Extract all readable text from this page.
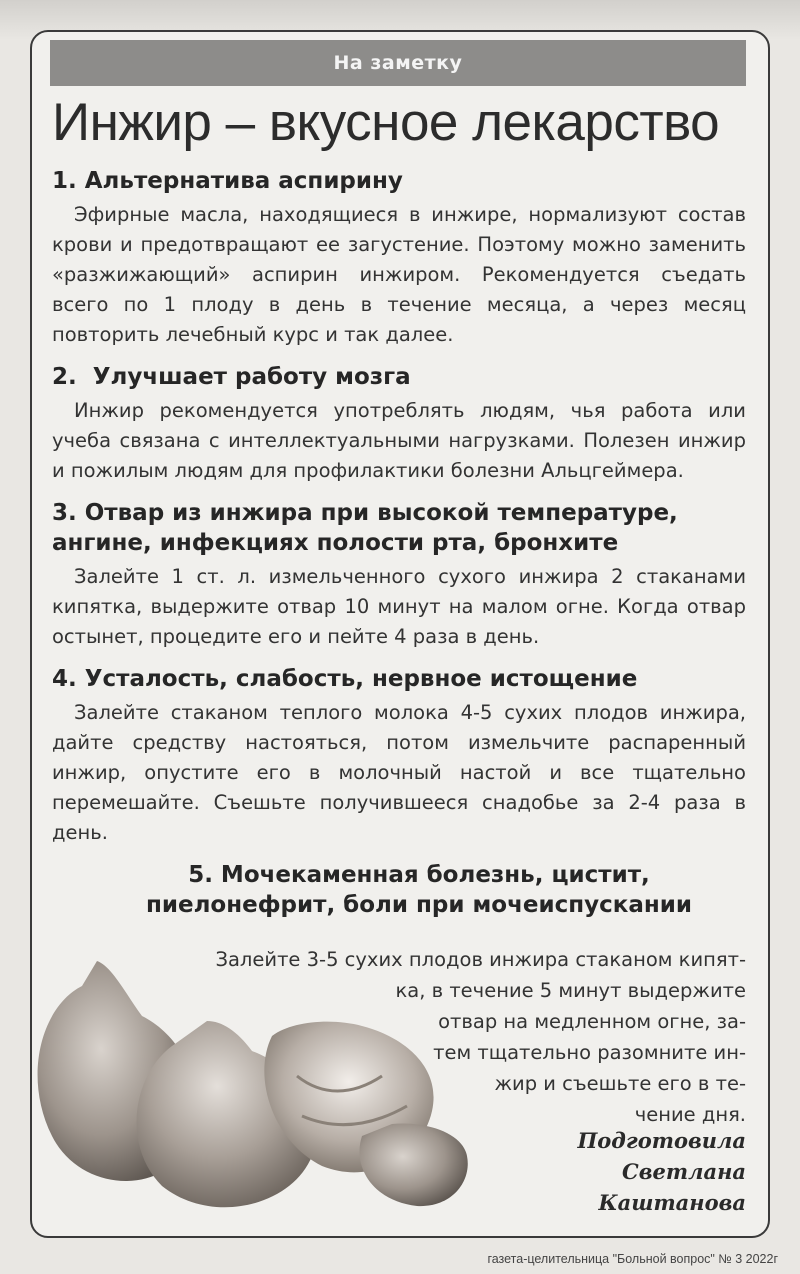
На заметку
Инжир – вкусное лекарство
1. Альтернатива аспирину

Эфирные масла, находящиеся в инжире, нормализуют состав крови и предотвращают ее загустение. Поэтому можно заменить «разжижающий» аспирин инжиром. Рекомендуется съедать всего по 1 плоду в день в течение месяца, а через месяц повторить лечебный курс и так далее.

2.  Улучшает работу мозга

Инжир рекомендуется употреблять людям, чья работа или учеба связана с интеллектуальными нагрузками. Полезен инжир и пожилым людям для профилактики болезни Альцгеймера.

3. Отвар из инжира при высокой температуре, ангине, инфекциях полости рта, бронхите

Залейте 1 ст. л. измельченного сухого инжира 2 стаканами кипятка, выдержите отвар 10 минут на малом огне. Когда отвар остынет, процедите его и пейте 4 раза в день.

4. Усталость, слабость, нервное истощение

Залейте стаканом теплого молока 4-5 сухих плодов инжира, дайте средству настояться, потом измельчите распаренный инжир, опустите его в молочный настой и все тщательно перемешайте. Съешьте получившееся снадобье за 2-4 раза в день.

5. Мочекаменная болезнь, цистит, пиелонефрит, боли при мочеиспускании
Залейте 3-5 сухих плодов инжира стаканом кипят-
ка, в течение 5 минут выдержите
отвар на медленном огне, за-
тем тщательно разомните ин-
жир и съешьте его в те-
чение дня.
Подготовила
Светлана
Каштанова
газета-целительница "Больной вопрос" № 3 2022г
